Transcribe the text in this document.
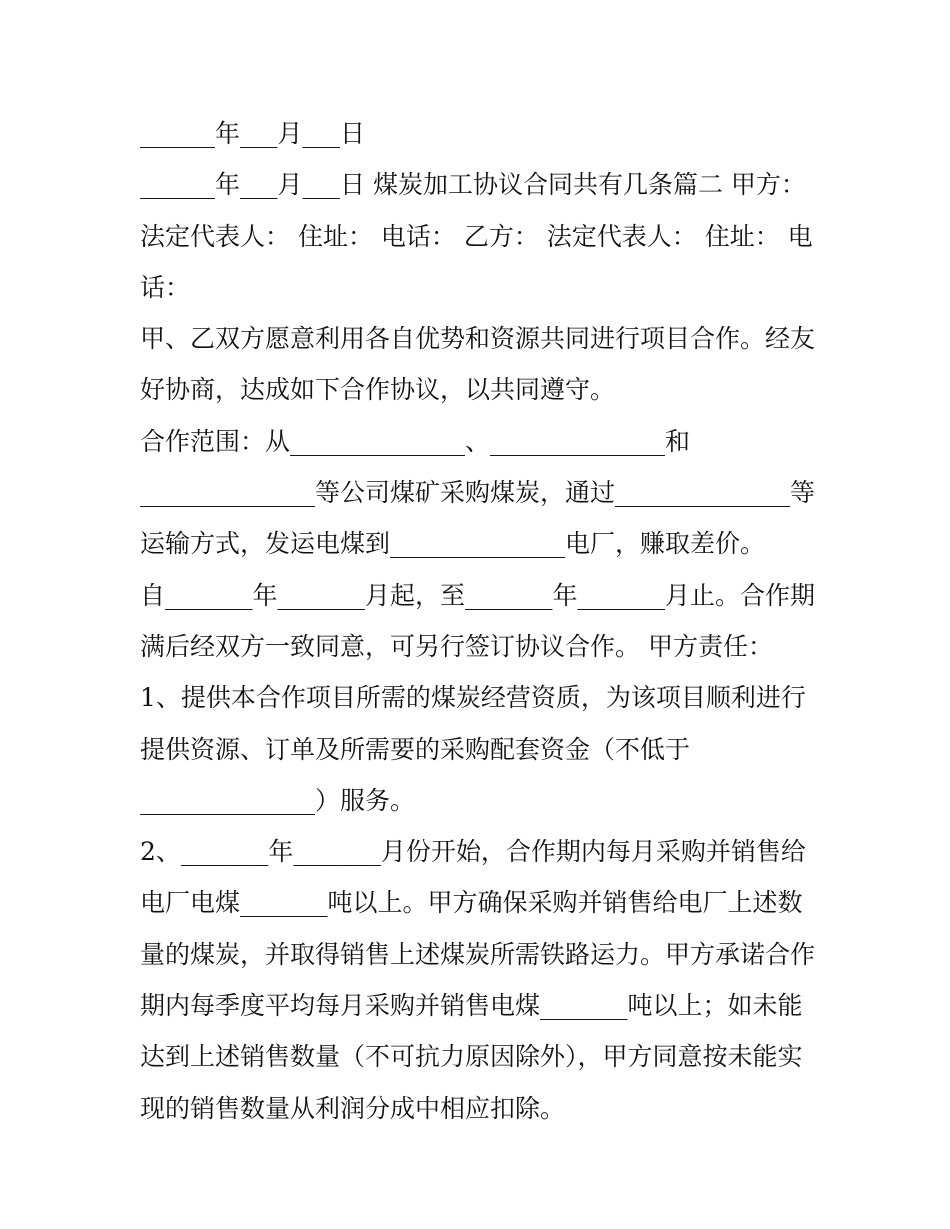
______年___月___日
______年___月___日 煤炭加工协议合同共有几条篇二 甲方：
法定代表人： 住址： 电话： 乙方： 法定代表人： 住址： 电
话：
甲、乙双方愿意利用各自优势和资源共同进行项目合作。经友
好协商，达成如下合作协议，以共同遵守。
合作范围：从______________、______________和
______________等公司煤矿采购煤炭，通过______________等
运输方式，发运电煤到______________电厂，赚取差价。
自_______年_______月起，至_______年_______月止。合作期
满后经双方一致同意，可另行签订协议合作。 甲方责任：
1、提供本合作项目所需的煤炭经营资质，为该项目顺利进行
提供资源、订单及所需要的采购配套资金（不低于
______________）服务。
2、_______年_______月份开始，合作期内每月采购并销售给
电厂电煤_______吨以上。甲方确保采购并销售给电厂上述数
量的煤炭，并取得销售上述煤炭所需铁路运力。甲方承诺合作
期内每季度平均每月采购并销售电煤_______吨以上；如未能
达到上述销售数量（不可抗力原因除外），甲方同意按未能实
现的销售数量从利润分成中相应扣除。
